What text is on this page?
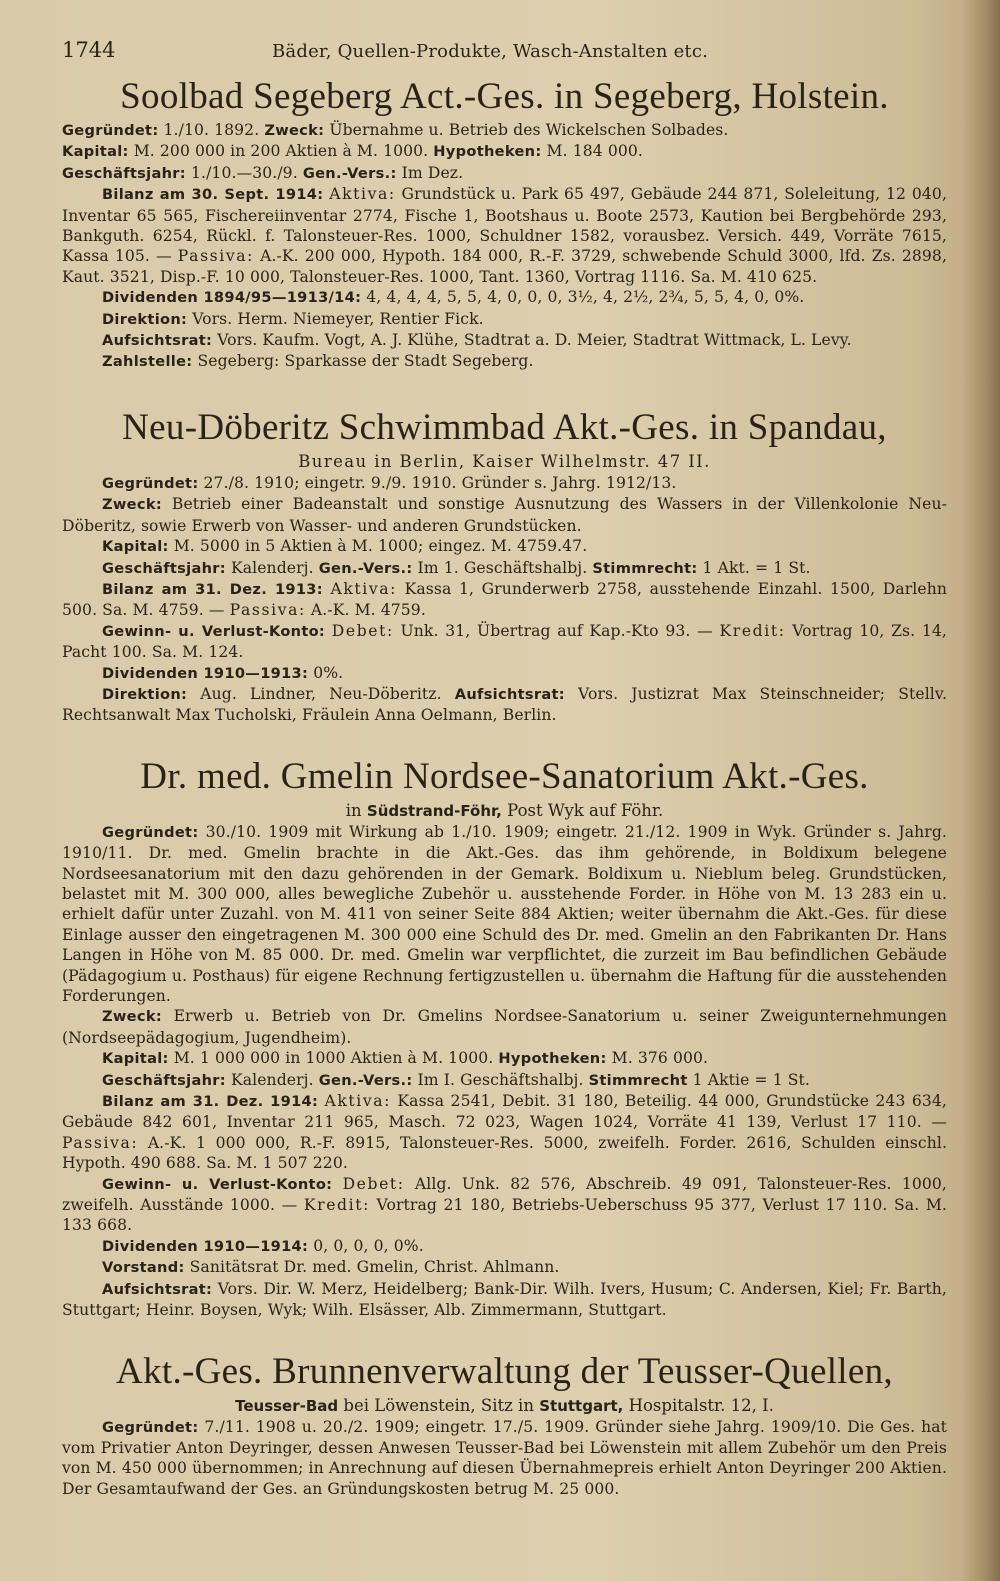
1744	Bäder, Quellen-Produkte, Wasch-Anstalten etc.
Soolbad Segeberg Act.-Ges. in Segeberg, Holstein.

Gegründet: 1./10. 1892. Zweck: Übernahme u. Betrieb des Wickelschen Solbades.

Kapital: M. 200 000 in 200 Aktien à M. 1000. Hypotheken: M. 184 000.

Geschäftsjahr: 1./10.—30./9. Gen.-Vers.: Im Dez.

Bilanz am 30. Sept. 1914: Aktiva: Grundstück u. Park 65 497, Gebäude 244 871, Soleleitung, 12 040, Inventar 65 565, Fischereiinventar 2774, Fische 1, Bootshaus u. Boote 2573, Kaution bei Bergbehörde 293, Bankguth. 6254, Rückl. f. Talonsteuer-Res. 1000, Schuldner 1582, vorausbez. Versich. 449, Vorräte 7615, Kassa 105. — Passiva: A.-K. 200 000, Hypoth. 184 000, R.-F. 3729, schwebende Schuld 3000, lfd. Zs. 2898, Kaut. 3521, Disp.-F. 10 000, Talonsteuer-Res. 1000, Tant. 1360, Vortrag 1116. Sa. M. 410 625.

Dividenden 1894/95—1913/14: 4, 4, 4, 4, 5, 5, 4, 0, 0, 0, 3½, 4, 2½, 2¾, 5, 5, 4, 0, 0%.

Direktion: Vors. Herm. Niemeyer, Rentier Fick.

Aufsichtsrat: Vors. Kaufm. Vogt, A. J. Klühe, Stadtrat a. D. Meier, Stadtrat Wittmack, L. Levy.

Zahlstelle: Segeberg: Sparkasse der Stadt Segeberg.

Neu-Döberitz Schwimmbad Akt.-Ges. in Spandau,
Bureau in Berlin, Kaiser Wilhelmstr. 47 II.

Gegründet: 27./8. 1910; eingetr. 9./9. 1910. Gründer s. Jahrg. 1912/13.

Zweck: Betrieb einer Badeanstalt und sonstige Ausnutzung des Wassers in der Villenkolonie Neu-Döberitz, sowie Erwerb von Wasser- und anderen Grundstücken.

Kapital: M. 5000 in 5 Aktien à M. 1000; eingez. M. 4759.47.

Geschäftsjahr: Kalenderj. Gen.-Vers.: Im 1. Geschäftshalbj. Stimmrecht: 1 Akt. = 1 St.

Bilanz am 31. Dez. 1913: Aktiva: Kassa 1, Grunderwerb 2758, ausstehende Einzahl. 1500, Darlehn 500. Sa. M. 4759. — Passiva: A.-K. M. 4759.

Gewinn- u. Verlust-Konto: Debet: Unk. 31, Übertrag auf Kap.-Kto 93. — Kredit: Vortrag 10, Zs. 14, Pacht 100. Sa. M. 124.

Dividenden 1910—1913: 0%.

Direktion: Aug. Lindner, Neu-Döberitz. Aufsichtsrat: Vors. Justizrat Max Steinschneider; Stellv. Rechtsanwalt Max Tucholski, Fräulein Anna Oelmann, Berlin.

Dr. med. Gmelin Nordsee-Sanatorium Akt.-Ges.
in Südstrand-Föhr, Post Wyk auf Föhr.

Gegründet: 30./10. 1909 mit Wirkung ab 1./10. 1909; eingetr. 21./12. 1909 in Wyk. Gründer s. Jahrg. 1910/11. Dr. med. Gmelin brachte in die Akt.-Ges. das ihm gehörende, in Boldixum belegene Nordseesanatorium mit den dazu gehörenden in der Gemark. Boldixum u. Nieblum beleg. Grundstücken, belastet mit M. 300 000, alles bewegliche Zubehör u. ausstehende Forder. in Höhe von M. 13 283 ein u. erhielt dafür unter Zuzahl. von M. 411 von seiner Seite 884 Aktien; weiter übernahm die Akt.-Ges. für diese Einlage ausser den eingetragenen M. 300 000 eine Schuld des Dr. med. Gmelin an den Fabrikanten Dr. Hans Langen in Höhe von M. 85 000. Dr. med. Gmelin war verpflichtet, die zurzeit im Bau befindlichen Gebäude (Pädagogium u. Posthaus) für eigene Rechnung fertigzustellen u. übernahm die Haftung für die ausstehenden Forderungen.

Zweck: Erwerb u. Betrieb von Dr. Gmelins Nordsee-Sanatorium u. seiner Zweigunternehmungen (Nordseepädagogium, Jugendheim).

Kapital: M. 1 000 000 in 1000 Aktien à M. 1000. Hypotheken: M. 376 000.

Geschäftsjahr: Kalenderj. Gen.-Vers.: Im I. Geschäftshalbj. Stimmrecht 1 Aktie = 1 St.

Bilanz am 31. Dez. 1914: Aktiva: Kassa 2541, Debit. 31 180, Beteilig. 44 000, Grundstücke 243 634, Gebäude 842 601, Inventar 211 965, Masch. 72 023, Wagen 1024, Vorräte 41 139, Verlust 17 110. — Passiva: A.-K. 1 000 000, R.-F. 8915, Talonsteuer-Res. 5000, zweifelh. Forder. 2616, Schulden einschl. Hypoth. 490 688. Sa. M. 1 507 220.

Gewinn- u. Verlust-Konto: Debet: Allg. Unk. 82 576, Abschreib. 49 091, Talonsteuer-Res. 1000, zweifelh. Ausstände 1000. — Kredit: Vortrag 21 180, Betriebs-Ueberschuss 95 377, Verlust 17 110. Sa. M. 133 668.

Dividenden 1910—1914: 0, 0, 0, 0, 0%.

Vorstand: Sanitätsrat Dr. med. Gmelin, Christ. Ahlmann.

Aufsichtsrat: Vors. Dir. W. Merz, Heidelberg; Bank-Dir. Wilh. Ivers, Husum; C. Andersen, Kiel; Fr. Barth, Stuttgart; Heinr. Boysen, Wyk; Wilh. Elsässer, Alb. Zimmermann, Stuttgart.

Akt.-Ges. Brunnenverwaltung der Teusser-Quellen,
Teusser-Bad bei Löwenstein, Sitz in Stuttgart, Hospitalstr. 12, I.

Gegründet: 7./11. 1908 u. 20./2. 1909; eingetr. 17./5. 1909. Gründer siehe Jahrg. 1909/10. Die Ges. hat vom Privatier Anton Deyringer, dessen Anwesen Teusser-Bad bei Löwenstein mit allem Zubehör um den Preis von M. 450 000 übernommen; in Anrechnung auf diesen Übernahmepreis erhielt Anton Deyringer 200 Aktien. Der Gesamtaufwand der Ges. an Gründungskosten betrug M. 25 000.
